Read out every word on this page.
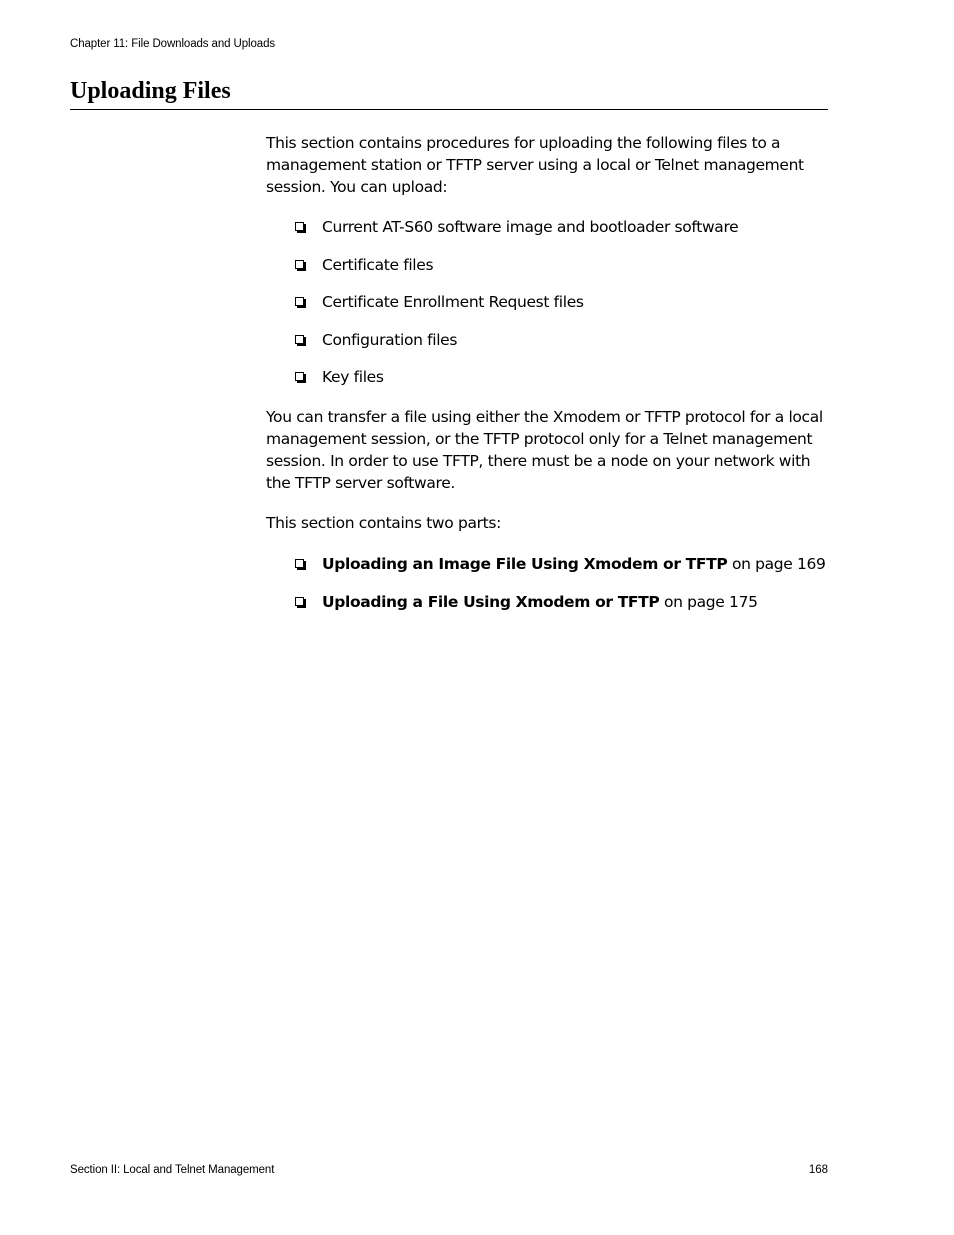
Chapter 11: File Downloads and Uploads
Uploading Files

This section contains procedures for uploading the following files to a management station or TFTP server using a local or Telnet management session. You can upload:

Current AT-S60 software image and bootloader software
Certificate files
Certificate Enrollment Request files
Configuration files
Key files

You can transfer a file using either the Xmodem or TFTP protocol for a local management session, or the TFTP protocol only for a Telnet management session. In order to use TFTP, there must be a node on your network with the TFTP server software.

This section contains two parts:

Uploading an Image File Using Xmodem or TFTP on page 169
Uploading a File Using Xmodem or TFTP on page 175
Section II: Local and Telnet Management	168
